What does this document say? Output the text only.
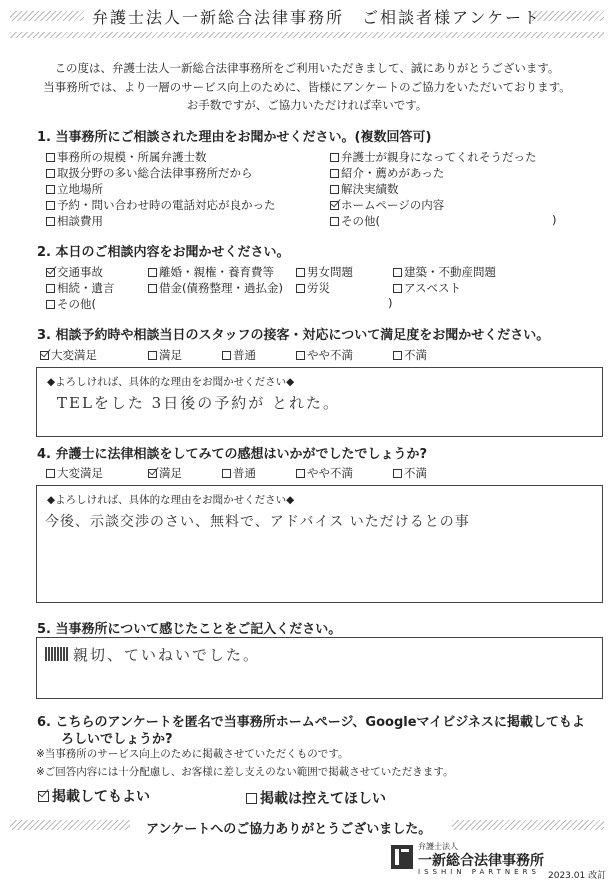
弁護士法人一新総合法律事務所　ご相談者様アンケート
この度は、弁護士法人一新総合法律事務所をご利用いただきまして、誠にありがとうございます。
当事務所では、より一層のサービス向上のために、皆様にアンケートのご協力をいただいております。
お手数ですが、ご協力いただければ幸いです。
1. 当事務所にご相談された理由をお聞かせください。(複数回答可)
事務所の規模・所属弁護士数
取扱分野の多い総合法律事務所だから
立地場所
予約・問い合わせ時の電話対応が良かった
相談費用
弁護士が親身になってくれそうだった
紹介・薦めがあった
解決実績数
ホームページの内容
その他(	)
2. 本日のご相談内容をお聞かせください。
交通事故	離婚・親権・養育費等	男女問題	建築・不動産問題
相続・遺言	借金(債務整理・過払金) 労災	アスベスト
その他(	)
3. 相談予約時や相談当日のスタッフの接客・対応について満足度をお聞かせください。
大変満足	満足	普通	やや不満	不満
◆よろしければ、具体的な理由をお聞かせください◆
TELをした 3日後の予約が とれた。
4. 弁護士に法律相談をしてみての感想はいかがでしたでしょうか?
大変満足	満足	普通	やや不満	不満
◆よろしければ、具体的な理由をお聞かせください◆
今後、示談交渉のさい、無料で、アドバイス いただけるとの事
5. 当事務所について感じたことをご記入ください。
親切、ていねいでした。
6. こちらのアンケートを匿名で当事務所ホームページ、Googleマイビジネスに掲載してもよ
ろしいでしょうか?
※当事務所のサービス向上のために掲載させていただくものです。
※ご回答内容には十分配慮し、お客様に差し支えのない範囲で掲載させていただきます。
掲載してもよい	掲載は控えてほしい
アンケートへのご協力ありがとうございました。
弁護士法人
一新総合法律事務所
ISSHIN PARTNERS 2023.01 改訂
